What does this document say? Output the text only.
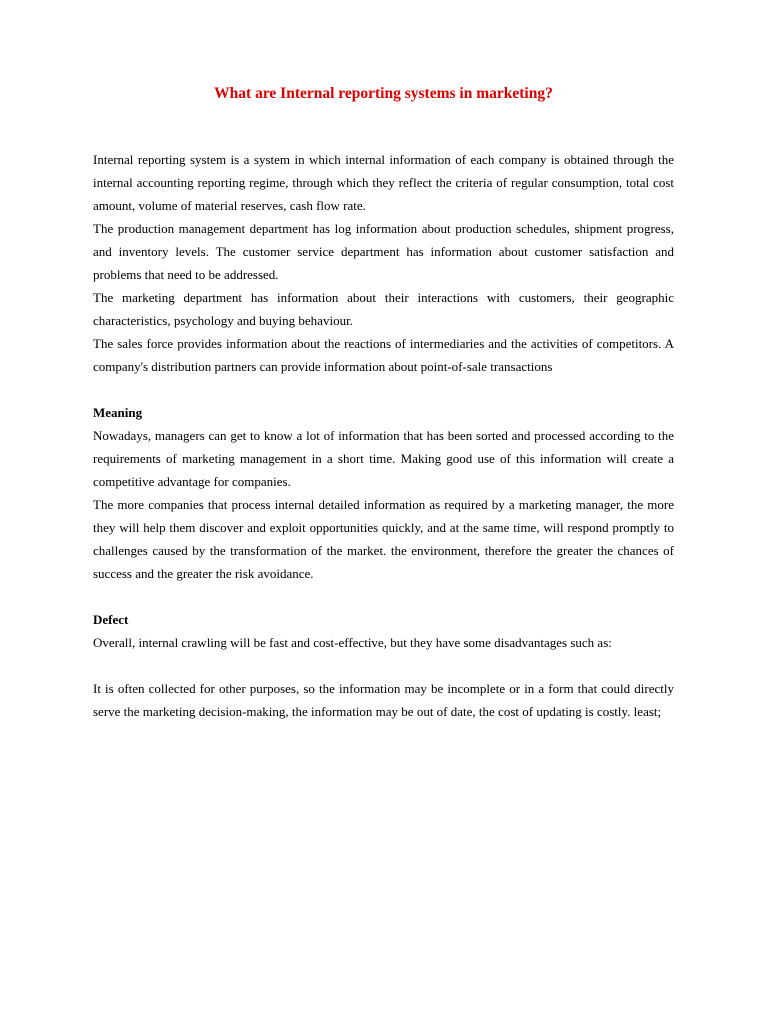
What are Internal reporting systems in marketing?

Internal reporting system is a system in which internal information of each company is obtained through the internal accounting reporting regime, through which they reflect the criteria of regular consumption, total cost amount, volume of material reserves, cash flow rate.

The production management department has log information about production schedules, shipment progress, and inventory levels. The customer service department has information about customer satisfaction and problems that need to be addressed.

The marketing department has information about their interactions with customers, their geographic characteristics, psychology and buying behaviour.

The sales force provides information about the reactions of intermediaries and the activities of competitors. A company's distribution partners can provide information about point-of-sale transactions

Meaning

Nowadays, managers can get to know a lot of information that has been sorted and processed according to the requirements of marketing management in a short time. Making good use of this information will create a competitive advantage for companies.

The more companies that process internal detailed information as required by a marketing manager, the more they will help them discover and exploit opportunities quickly, and at the same time, will respond promptly to challenges caused by the transformation of the market. the environment, therefore the greater the chances of success and the greater the risk avoidance.

Defect

Overall, internal crawling will be fast and cost-effective, but they have some disadvantages such as:

It is often collected for other purposes, so the information may be incomplete or in a form that could directly serve the marketing decision-making, the information may be out of date, the cost of updating is costly. least;
